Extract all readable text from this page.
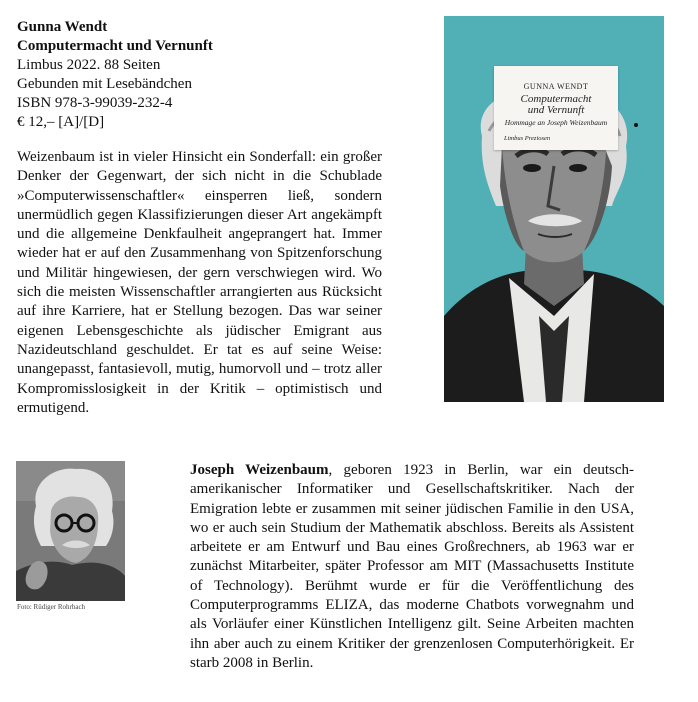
Gunna Wendt
Computermacht und Vernunft
Limbus 2022. 88 Seiten
Gebunden mit Lesebändchen
ISBN 978-3-99039-232-4
€ 12,– [A]/[D]
Weizenbaum ist in vieler Hinsicht ein Sonderfall: ein großer Denker der Gegenwart, der sich nicht in die Schublade »Computerwissenschaftler« einsperren ließ, sondern unermüdlich gegen Klassifizierungen dieser Art angekämpft und die allgemeine Denkfaulheit angeprangert hat. Immer wieder hat er auf den Zusammenhang von Spitzenforschung und Militär hingewiesen, der gern verschwiegen wird. Wo sich die meisten Wissenschaftler arrangierten aus Rücksicht auf ihre Karriere, hat er Stellung bezogen. Das war seiner eigenen Lebensgeschichte als jüdischer Emigrant aus Nazideutschland geschuldet. Er tat es auf seine Weise: unangepasst, fantasievoll, mutig, humorvoll und – trotz aller Kompromisslosigkeit in der Kritik – optimistisch und ermutigend.
GUNNA WENDT
Computermacht
und Vernunft
Hommage an Joseph Weizenbaum
Limbus Preziosen
Foto: Rüdiger Rohrbach
Joseph Weizenbaum, geboren 1923 in Berlin, war ein deutsch-amerikanischer Informatiker und Gesellschaftskritiker. Nach der Emigration lebte er zusammen mit seiner jüdischen Familie in den USA, wo er auch sein Studium der Mathematik abschloss. Bereits als Assistent arbeitete er am Entwurf und Bau eines Großrechners, ab 1963 war er zunächst Mitarbeiter, später Professor am MIT (Massachusetts Institute of Technology). Berühmt wurde er für die Veröffentlichung des Computerprogramms ELIZA, das moderne Chatbots vorwegnahm und als Vorläufer einer Künstlichen Intelligenz gilt. Seine Arbeiten machten ihn aber auch zu einem Kritiker der grenzenlosen Computerhörigkeit. Er starb 2008 in Berlin.
